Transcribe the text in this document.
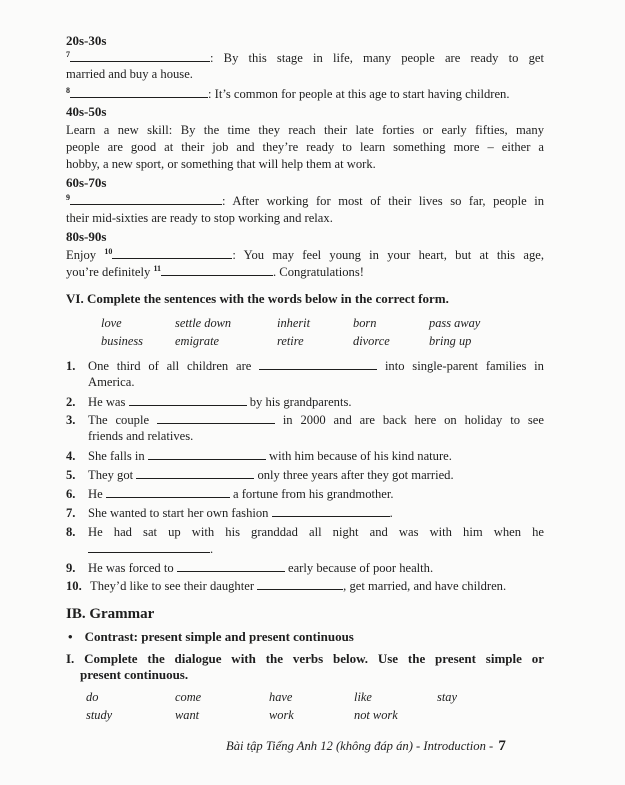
20s-30s
$^7$	: By this stage in life, many people are ready to get
married and buy a house.
$^8$	: It’s common for people at this age to start having children.
40s-50s
Learn a new skill: By the time they reach their late forties or early fifties, many
people are good at their job and they’re ready to learn something more – either a
hobby, a new sport, or something that will help them at work.
60s-70s
$^9$	: After working for most of their lives so far, people in
their mid-sixties are ready to stop working and relax.
80s-90s
Enjoy $^{10}$	: You may feel young in your heart, but at this age,
you’re definitely $^{11}$	. Congratulations!
VI. Complete the sentences with the words below in the correct form.
love	settle down	inherit	born	pass away
business	emigrate	retire	divorce	bring up
1. One third of all children are	into single-parent families in
America.
2. He was	by his grandparents.
3. The couple	in 2000 and are back here on holiday to see
friends and relatives.
4. She falls in	with him because of his kind nature.
5. They got	only three years after they got married.
6. He	a fortune from his grandmother.
7. She wanted to start her own fashion	.
8. He had sat up with his granddad all night and was with him when he
.
9. He was forced to	early because of poor health.
10. They’d like to see their daughter	, get married, and have children.
IB. Grammar
• Contrast: present simple and present continuous
I. Complete the dialogue with the verbs below. Use the present simple or
present continuous.
do	come	have	like	stay
study	want	work	not work
Bài tập Tiếng Anh 12 (không đáp án) - Introduction - 7
